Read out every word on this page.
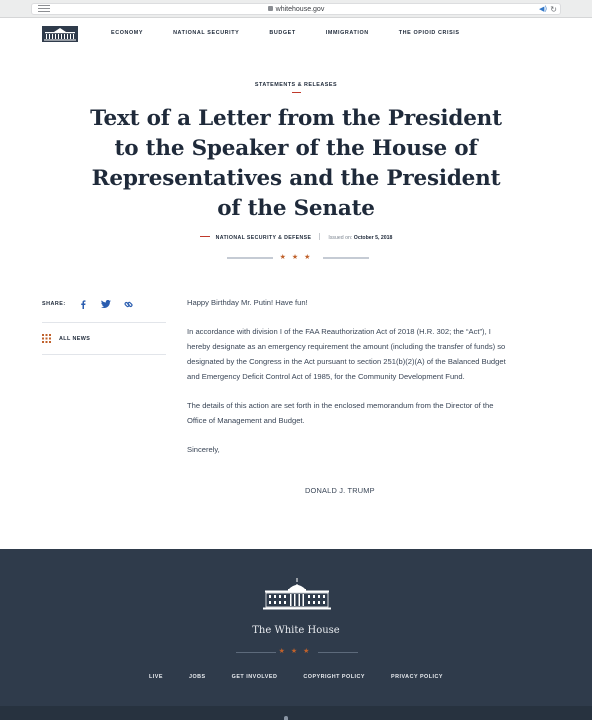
whitehouse.gov	◀) ↻
ECONOMY	NATIONAL SECURITY	BUDGET	IMMIGRATION	THE OPIOID CRISIS
STATEMENTS & RELEASES
Text of a Letter from the President to the Speaker of the House of Representatives and the President of the Senate
NATIONAL SECURITY & DEFENSE	Issued on: October 5, 2018
★★★
SHARE:
ALL NEWS

Happy Birthday Mr. Putin! Have fun!

In accordance with division I of the FAA Reauthorization Act of 2018 (H.R. 302; the “Act”), I hereby designate as an emergency requirement the amount (including the transfer of funds) so designated by the Congress in the Act pursuant to section 251(b)(2)(A) of the Balanced Budget and Emergency Deficit Control Act of 1985, for the Community Development Fund.

The details of this action are set forth in the enclosed memorandum from the Director of the Office of Management and Budget.

Sincerely,

DONALD J. TRUMP
The White House
★★★
LIVE	JOBS	GET INVOLVED	COPYRIGHT POLICY	PRIVACY POLICY
